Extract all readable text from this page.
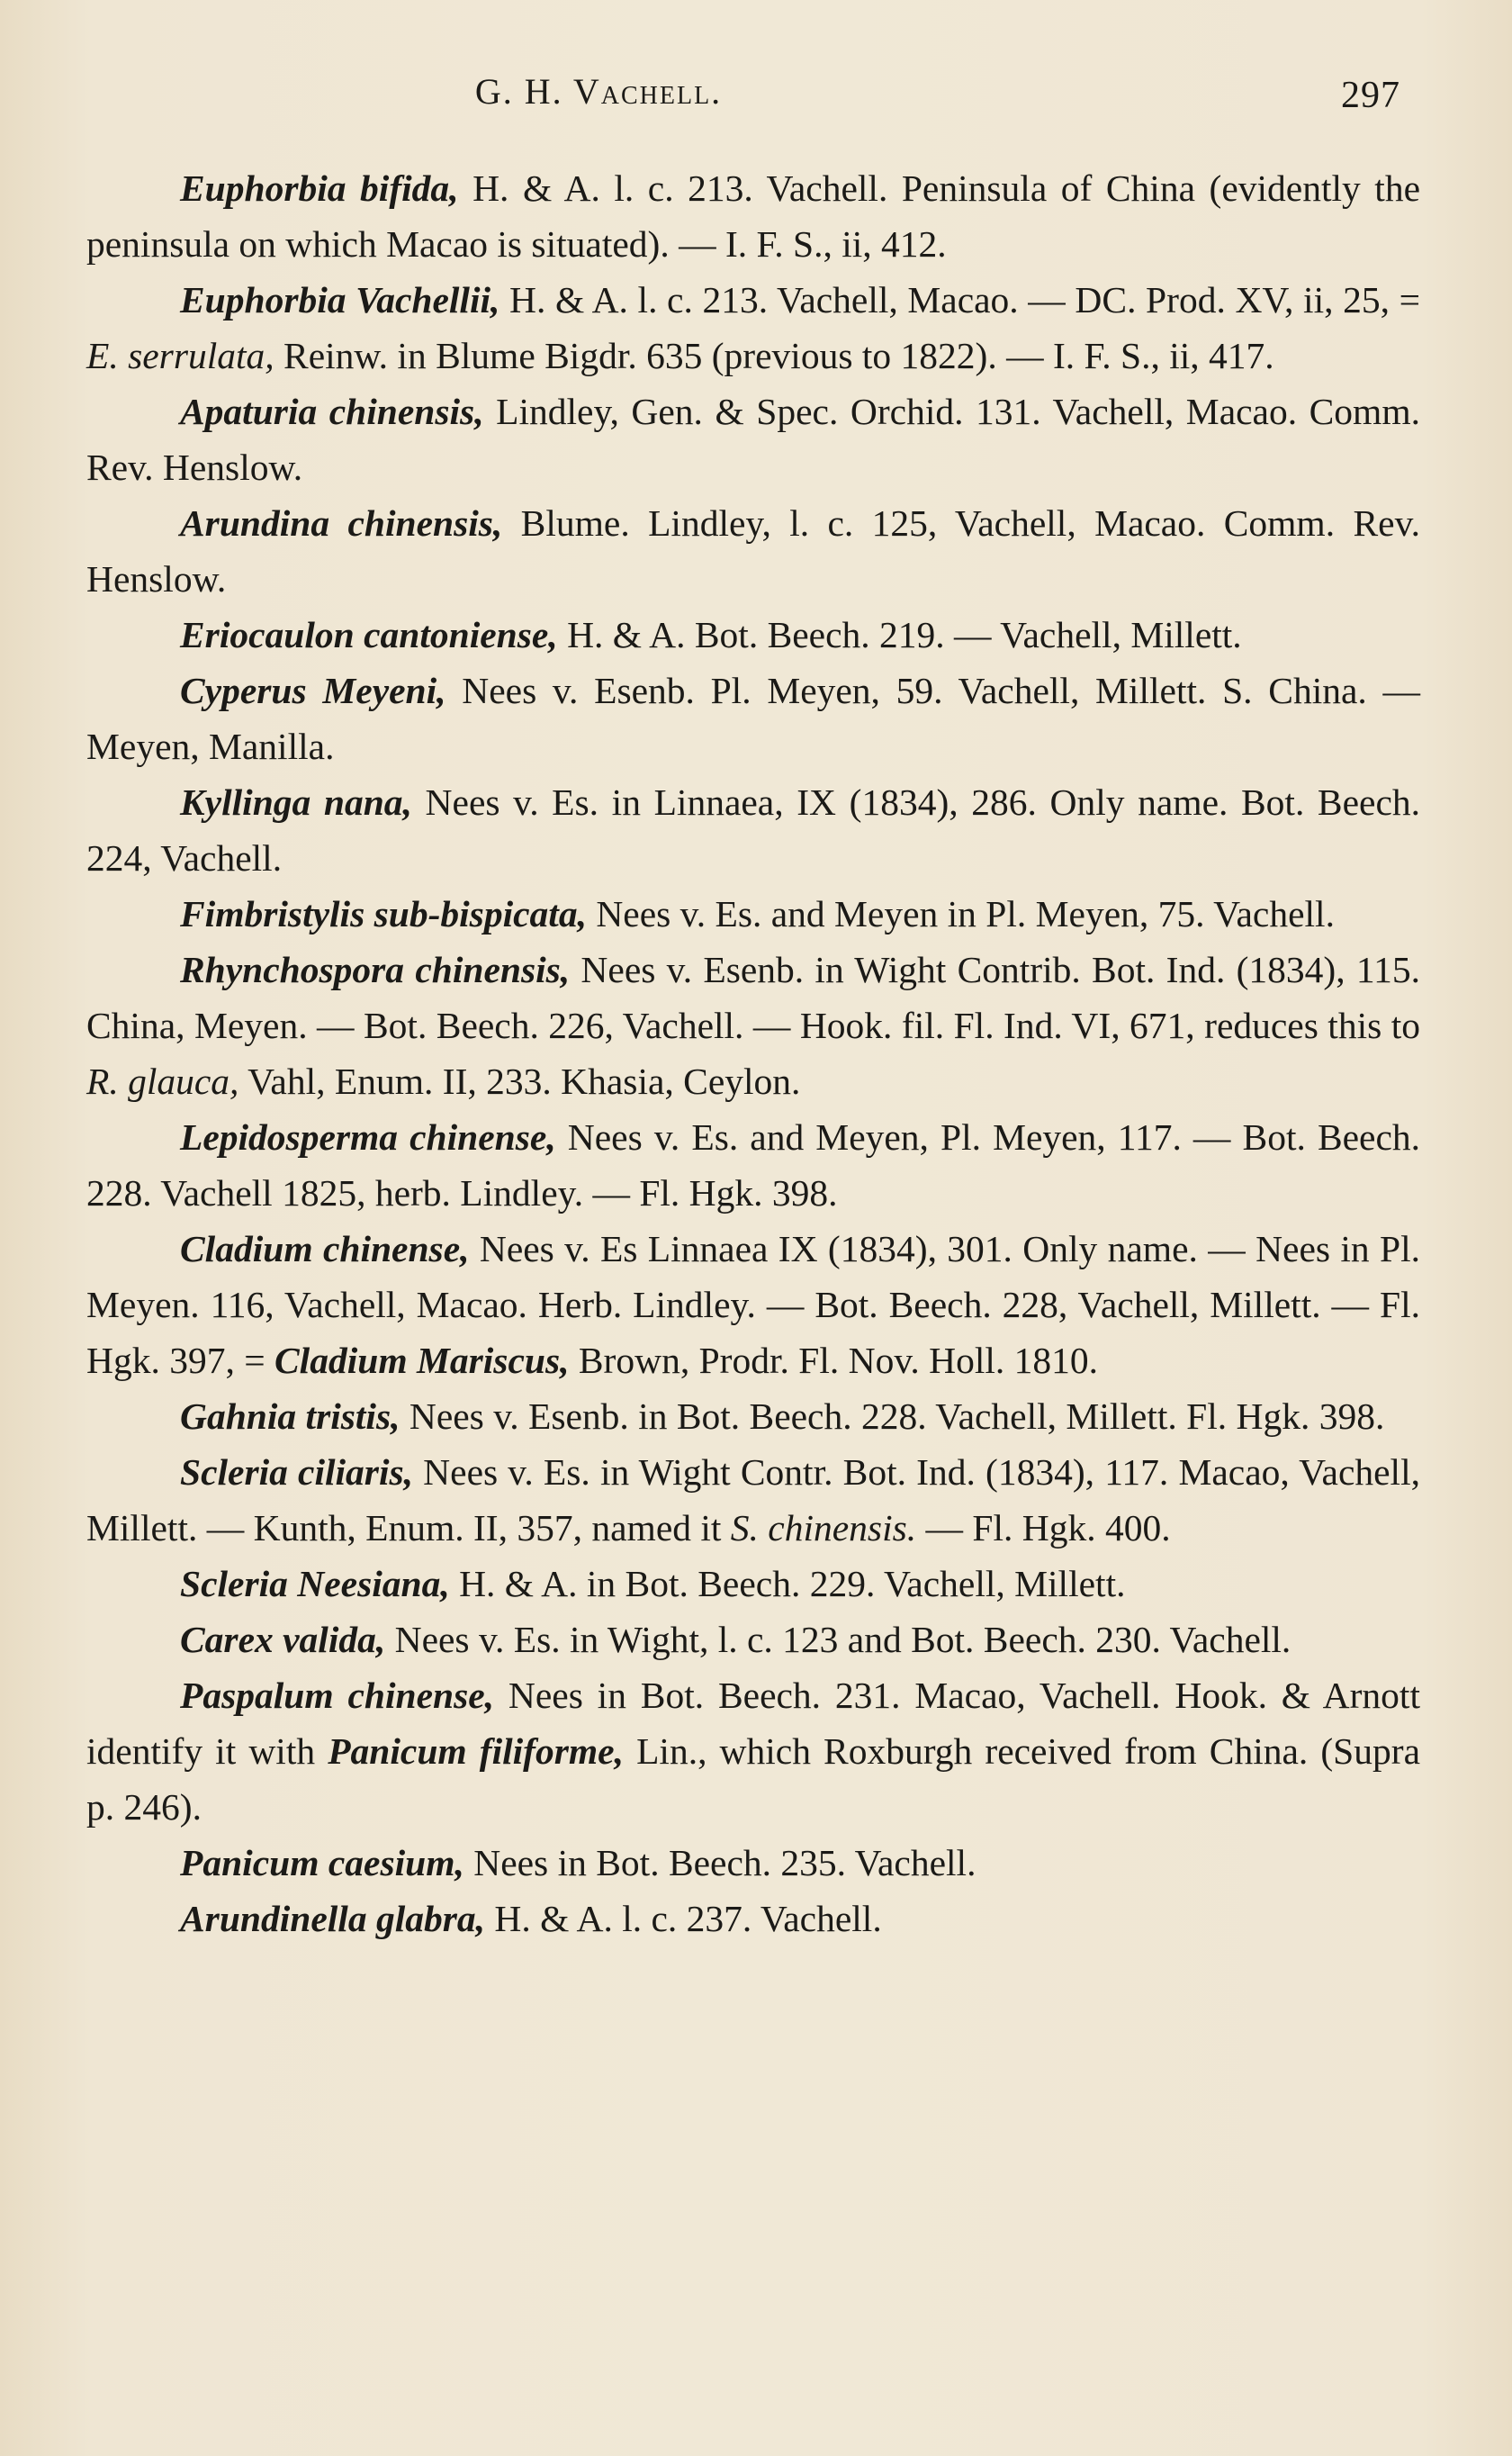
G. H. Vachell.	297

Euphorbia bifida, H. & A. l. c. 213. Vachell. Peninsula of China (evidently the peninsula on which Macao is situated). — I. F. S., ii, 412.

Euphorbia Vachellii, H. & A. l. c. 213. Vachell, Macao. — DC. Prod. XV, ii, 25, = E. serrulata, Reinw. in Blume Bigdr. 635 (previous to 1822). — I. F. S., ii, 417.

Apaturia chinensis, Lindley, Gen. & Spec. Orchid. 131. Vachell, Macao. Comm. Rev. Henslow.

Arundina chinensis, Blume. Lindley, l. c. 125, Vachell, Macao. Comm. Rev. Henslow.

Eriocaulon cantoniense, H. & A. Bot. Beech. 219. — Vachell, Millett.

Cyperus Meyeni, Nees v. Esenb. Pl. Meyen, 59. Vachell, Millett. S. China. — Meyen, Manilla.

Kyllinga nana, Nees v. Es. in Linnaea, IX (1834), 286. Only name. Bot. Beech. 224, Vachell.

Fimbristylis sub-bispicata, Nees v. Es. and Meyen in Pl. Meyen, 75. Vachell.

Rhynchospora chinensis, Nees v. Esenb. in Wight Contrib. Bot. Ind. (1834), 115. China, Meyen. — Bot. Beech. 226, Vachell. — Hook. fil. Fl. Ind. VI, 671, reduces this to R. glauca, Vahl, Enum. II, 233. Khasia, Ceylon.

Lepidosperma chinense, Nees v. Es. and Meyen, Pl. Meyen, 117. — Bot. Beech. 228. Vachell 1825, herb. Lindley. — Fl. Hgk. 398.

Cladium chinense, Nees v. Es Linnaea IX (1834), 301. Only name. — Nees in Pl. Meyen. 116, Vachell, Macao. Herb. Lindley. — Bot. Beech. 228, Vachell, Millett. — Fl. Hgk. 397, = Cladium Mariscus, Brown, Prodr. Fl. Nov. Holl. 1810.

Gahnia tristis, Nees v. Esenb. in Bot. Beech. 228. Vachell, Millett. Fl. Hgk. 398.

Scleria ciliaris, Nees v. Es. in Wight Contr. Bot. Ind. (1834), 117. Macao, Vachell, Millett. — Kunth, Enum. II, 357, named it S. chinensis. — Fl. Hgk. 400.

Scleria Neesiana, H. & A. in Bot. Beech. 229. Vachell, Millett.

Carex valida, Nees v. Es. in Wight, l. c. 123 and Bot. Beech. 230. Vachell.

Paspalum chinense, Nees in Bot. Beech. 231. Macao, Vachell. Hook. & Arnott identify it with Panicum filiforme, Lin., which Roxburgh received from China. (Supra p. 246).

Panicum caesium, Nees in Bot. Beech. 235. Vachell.

Arundinella glabra, H. & A. l. c. 237. Vachell.
